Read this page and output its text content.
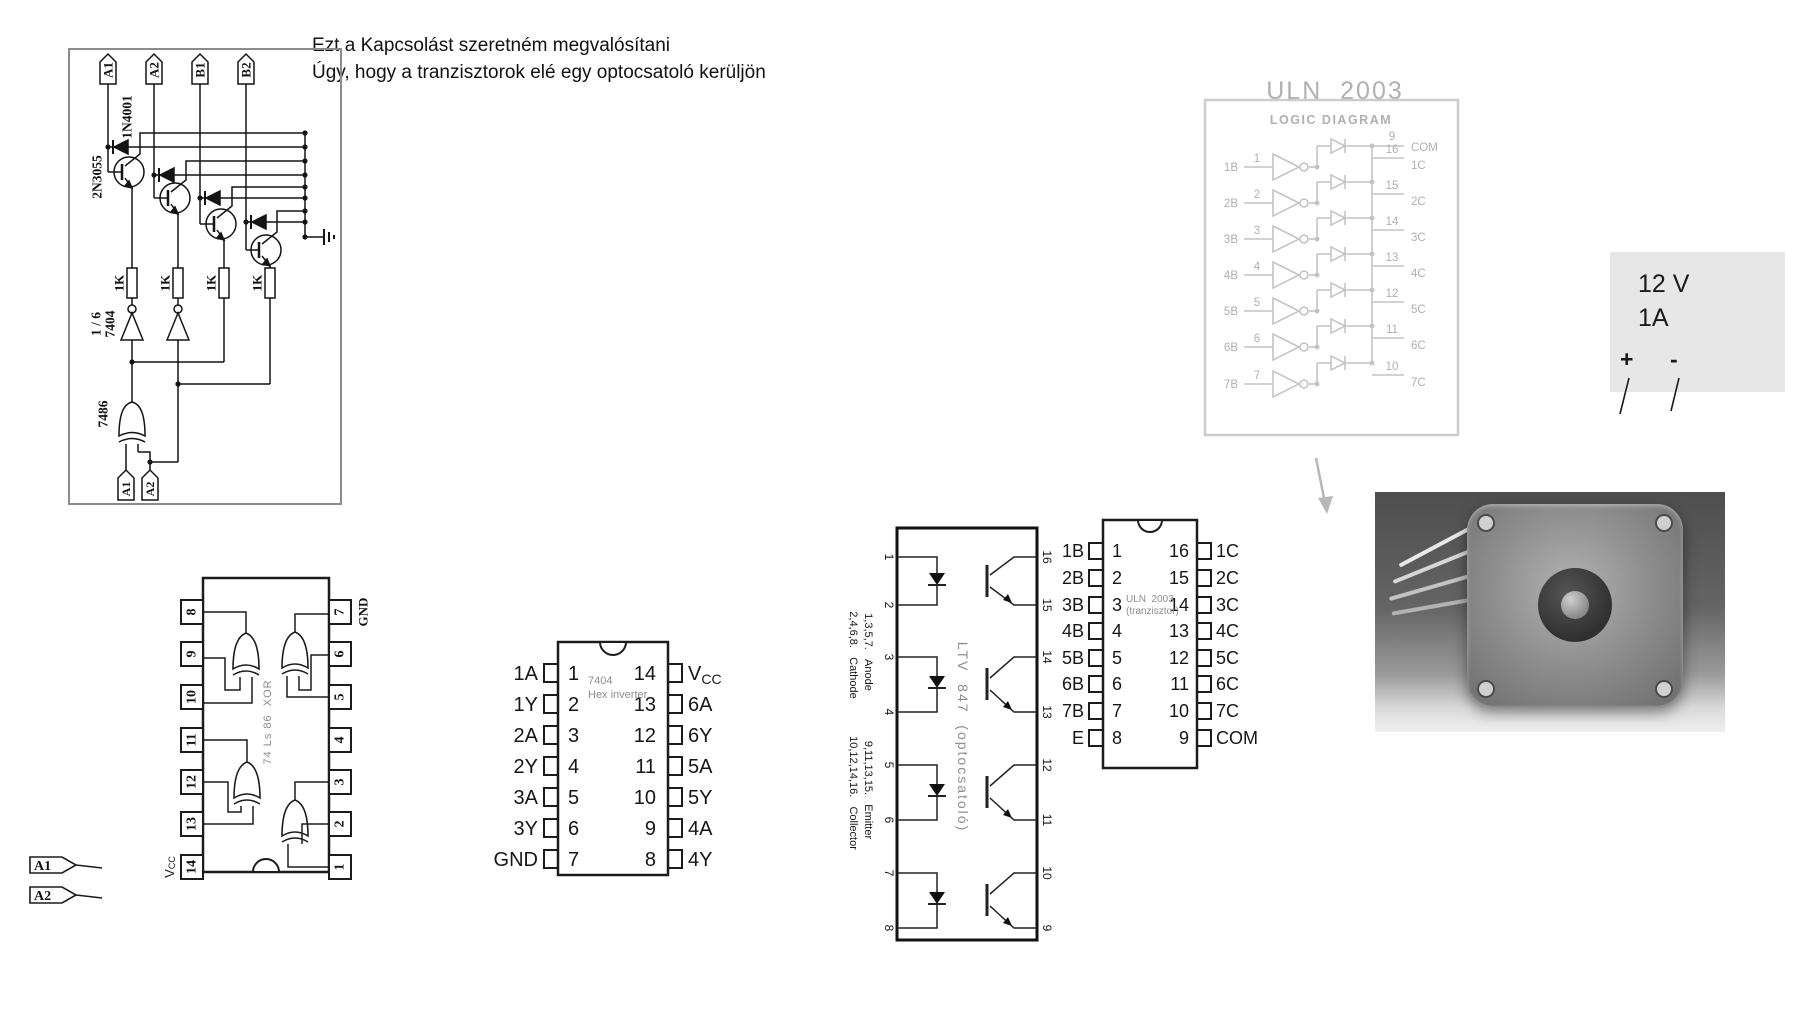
Ezt a Kapcsolást szeretném megvalósítani
Úgy, hogy a tranzisztorok elé egy optocsatoló kerüljön
A1 A2 B1 B2
1N4001
2N3055
1K 1K 1K 1K
1 / 6 7404
7486
A1 A2
ULN  2003
LOGIC DIAGRAM
9
COM
1B
1
16
1C
2B
2
15
2C
3B
3
14
3C
4B
4
13
4C
5B
5
12
5C
6B
6
11
6C
7B
7
10
7C
12 V
1A
+ -
8
9
10
11
12
13
14
7
6
5
4
3
2
1
GND
$V_{CC}$
74 Ls 86  XOR
A1
A2
1A 1	14 $V_{CC}$
1Y 2	13 6A
2A 3	12 6Y
2Y 4	11 5A
3A 5	10 5Y
3Y 6	9 4A
GND 7	8 4Y
7404
Hex inverter
1
2
3
4
5
6
7
8
16
15
14
13
12
11
10
9
1,3,5,7.   Anode
2,4,6,8.   Cathode
9,11,13,15.   Emitter
10,12,14,16.   Collector	LTV  847  (optocsatoló)
1B 1	16 1C
2B 2	15 2C
3B 3	14 3C
4B 4	13 4C
5B 5	12 5C
6B 6	11 6C
7B 7	10 7C
E 8	9 COM
ULN  2003
(tranzisztor)
